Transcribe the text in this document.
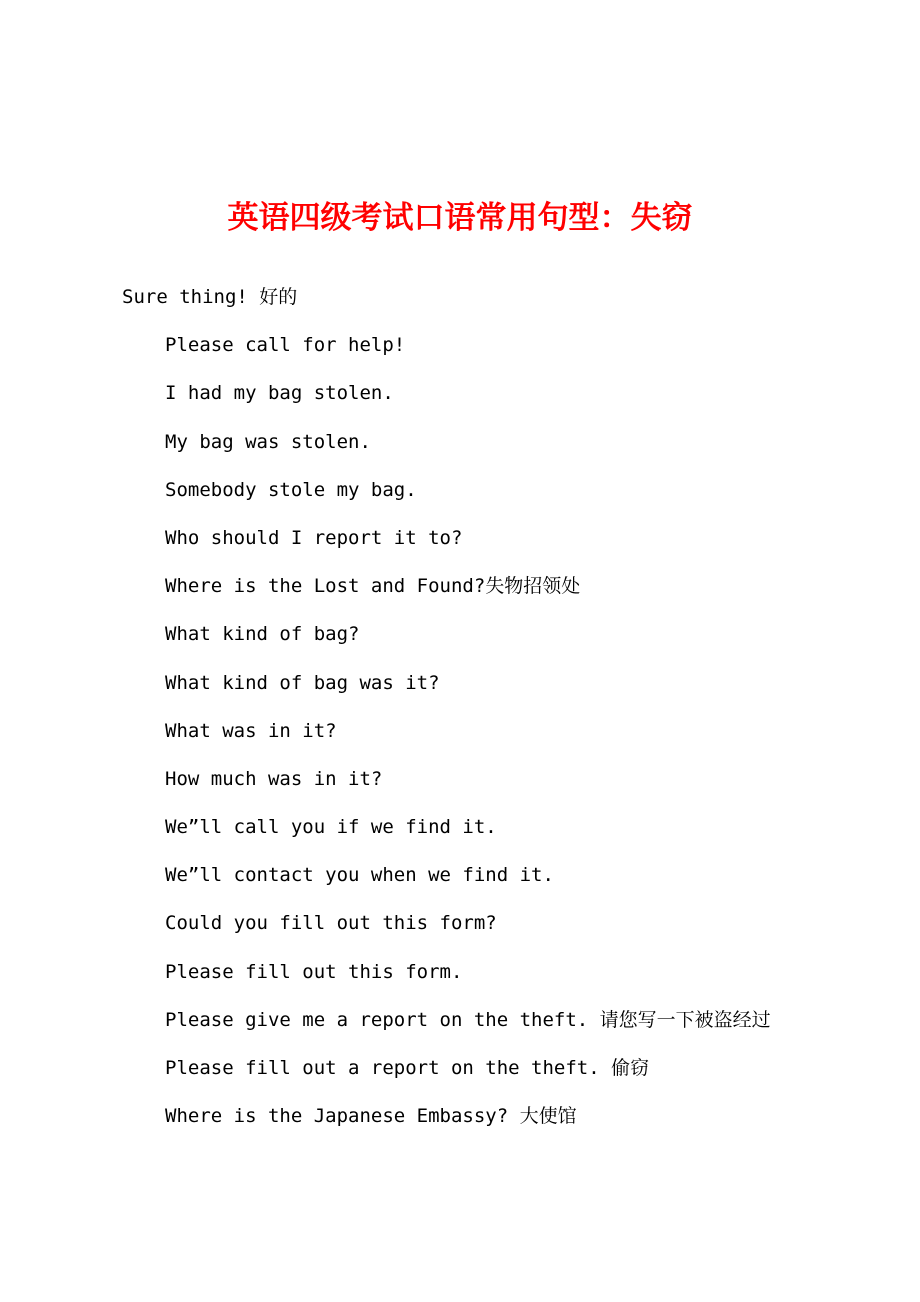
英语四级考试口语常用句型：失窃
Sure thing! 好的
Please call for help!
I had my bag stolen.
My bag was stolen.
Somebody stole my bag.
Who should I report it to?
Where is the Lost and Found?失物招领处
What kind of bag?
What kind of bag was it?
What was in it?
How much was in it?
We”ll call you if we find it.
We”ll contact you when we find it.
Could you fill out this form?
Please fill out this form.
Please give me a report on the theft. 请您写一下被盗经过
Please fill out a report on the theft. 偷窃
Where is the Japanese Embassy? 大使馆
